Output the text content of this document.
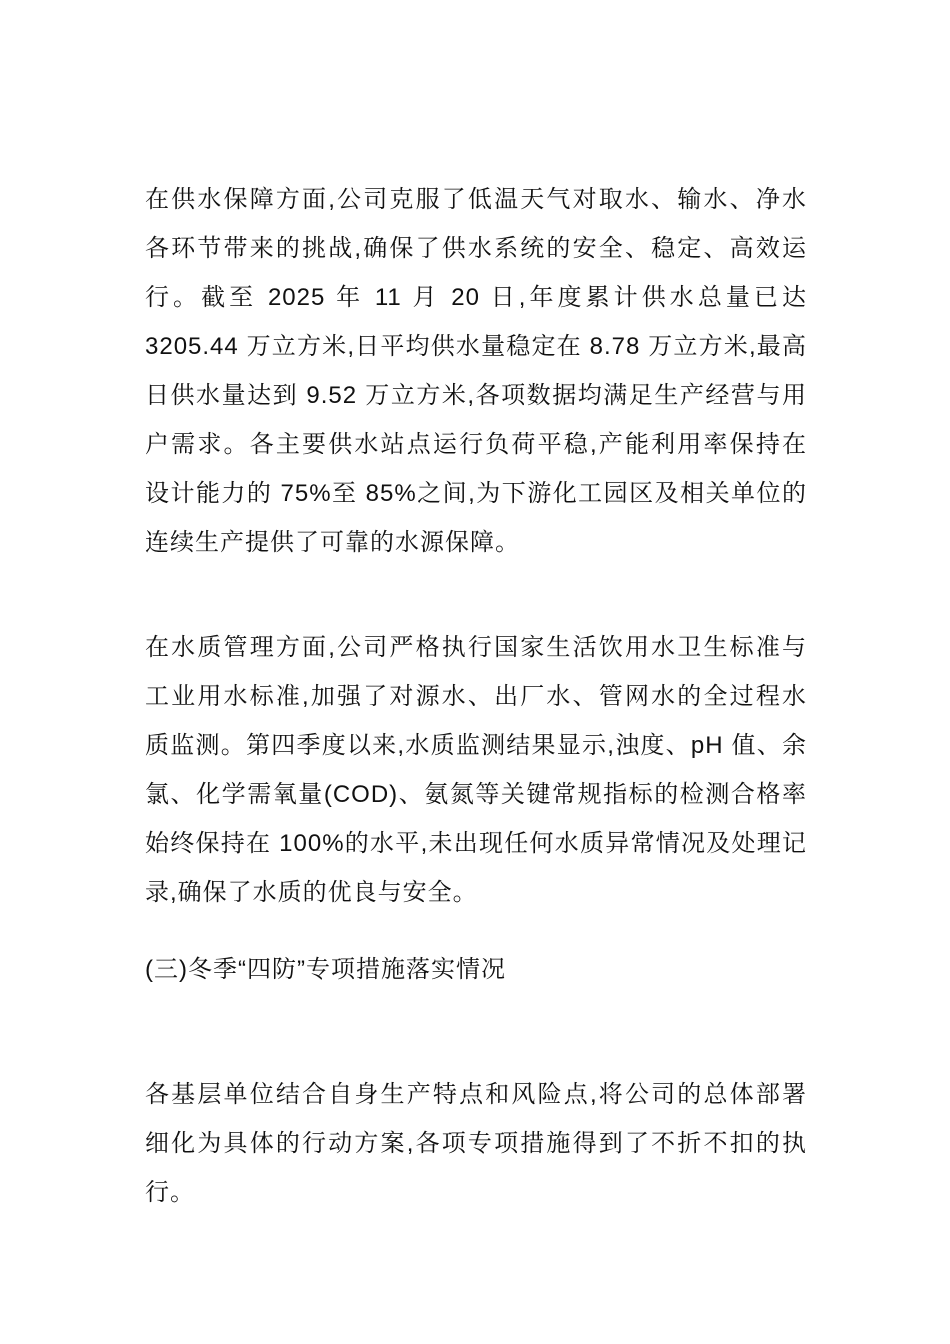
在供水保障方面,公司克服了低温天气对取水、输水、净水
各环节带来的挑战,确保了供水系统的安全、稳定、高效运
行。截至 2025 年 11 月 20 日,年度累计供水总量已达
3205.44 万立方米,日平均供水量稳定在 8.78 万立方米,最高
日供水量达到 9.52 万立方米,各项数据均满足生产经营与用
户需求。各主要供水站点运行负荷平稳,产能利用率保持在
设计能力的 75%至 85%之间,为下游化工园区及相关单位的
连续生产提供了可靠的水源保障。
在水质管理方面,公司严格执行国家生活饮用水卫生标准与
工业用水标准,加强了对源水、出厂水、管网水的全过程水
质监测。第四季度以来,水质监测结果显示,浊度、pH 值、余
氯、化学需氧量(COD)、氨氮等关键常规指标的检测合格率
始终保持在 100%的水平,未出现任何水质异常情况及处理记
录,确保了水质的优良与安全。
(三)冬季“四防”专项措施落实情况
各基层单位结合自身生产特点和风险点,将公司的总体部署
细化为具体的行动方案,各项专项措施得到了不折不扣的执
行。
